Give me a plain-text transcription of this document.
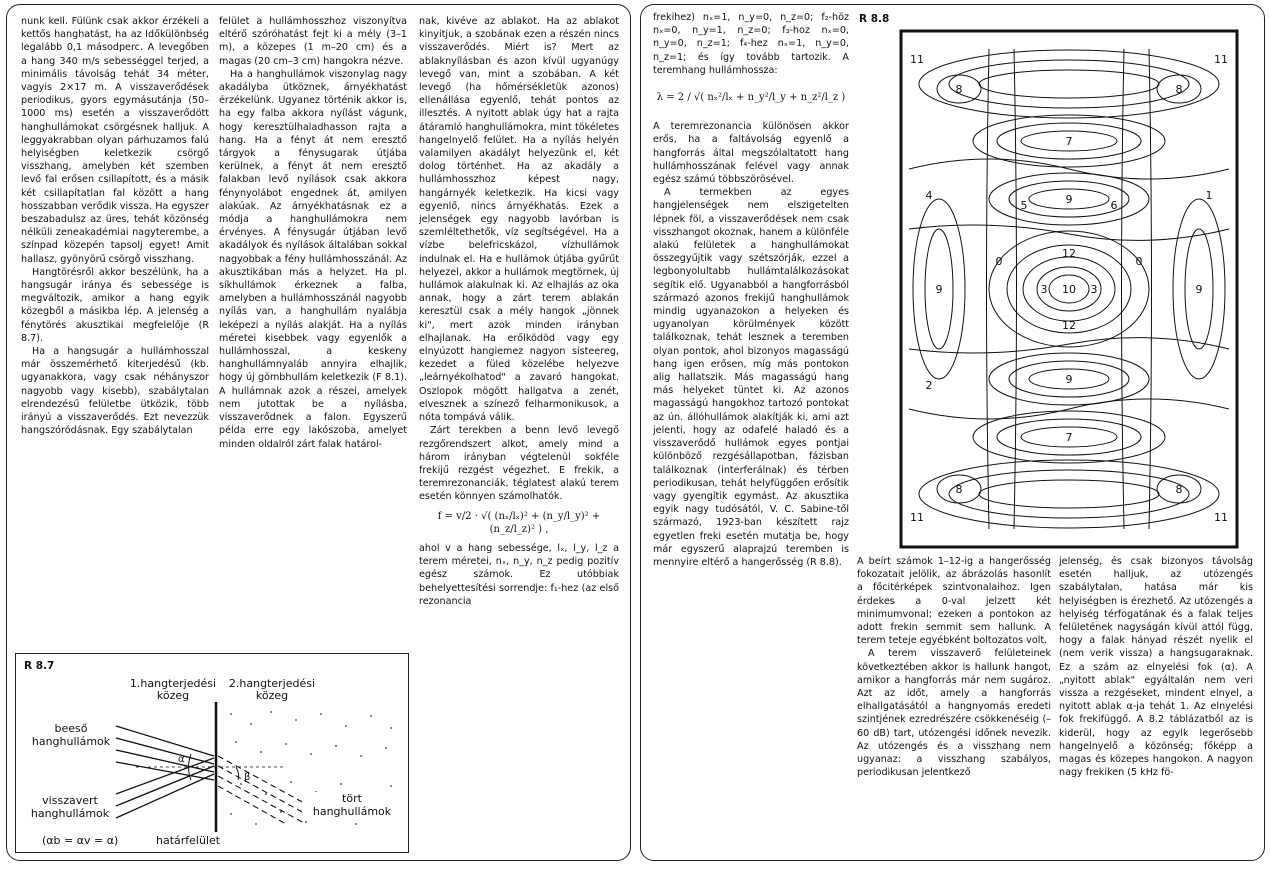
nunk kell. Fülünk csak akkor érzékeli a kettős hanghatást, ha az Időkülönbség legalább 0,1 másodperc. A levegőben a hang 340 m/s sebességgel terjed, a minimális távolság tehát 34 méter, vagyis 2×17 m. A visszaverődések periodikus, gyors egymásutánja (50–1000 ms) esetén a visszaverődött hanghullámokat csörgésnek halljuk. A leggyakrabban olyan párhuzamos falú helyiségben keletkezik csörgő visszhang, amelyben két szemben levő fal erősen csillapított, és a másik két csillapítatlan fal között a hang hosszabban verődik vissza. Ha egyszer beszabadulsz az üres, tehát közönség nélküli zeneakadémiai nagyterembe, a színpad közepén tapsolj egyet! Amit hallasz, gyönyörű csörgő visszhang.

Hangtörésről akkor beszélünk, ha a hangsugár iránya és sebessége is megváltozik, amikor a hang egyik közegből a másikba lép. A jelenség a fénytörés akusztikai megfelelője (R 8.7).

Ha a hangsugár a hullámhosszal már összemérhető kiterjedésű (kb. ugyanakkora, vagy csak néhányszor nagyobb vagy kisebb), szabálytalan elrendezésű felületbe ütközik, több irányú a visszaverődés. Ezt nevezzük hangszóródásnak. Egy szabálytalan

felület a hullámhosszhoz viszonyítva eltérő szóróhatást fejt ki a mély (3–1 m), a közepes (1 m–20 cm) és a magas (20 cm–3 cm) hangokra nézve.

Ha a hanghullámok viszonylag nagy akadályba ütköznek, árnyékhatást érzékelünk. Ugyanez történik akkor is, ha egy falba akkora nyílást vágunk, hogy keresztülhaladhasson rajta a hang. Ha a fényt át nem eresztő tárgyok a fénysugarak útjába kerülnek, a fényt át nem eresztő falakban levő nyílások csak akkora fénynyolábot engednek át, amilyen alakúak. Az árnyékhatásnak ez a módja a hanghullámokra nem érvényes. A fénysugár útjában levő akadályok és nyílások általában sokkal nagyobbak a fény hullámhosszánál. Az akusztikában más a helyzet. Ha pl. síkhullámok érkeznek a falba, amelyben a hullámhosszánál nagyobb nyílás van, a hanghullám nyalábja leképezi a nyílás alakját. Ha a nyílás méretei kisebbek vagy egyenlők a hullámhosszal, a keskeny hanghullámnyaláb annyira elhajlik, hogy új gömbhullám keletkezik (F 8.1). A hullámnak azok a részei, amelyek nem jutottak be a nyílásba, visszaverődnek a falon. Egyszerű példa erre egy lakószoba, amelyet minden oldalról zárt falak határol-

nak, kivéve az ablakot. Ha az ablakot kinyitjuk, a szobának ezen a részén nincs visszaverődés. Miért is? Mert az ablaknyílásban és azon kívül ugyanúgy levegő van, mint a szobában. A két levegő (ha hőmérsékletük azonos) ellenállása egyenlő, tehát pontos az illesztés. A nyitott ablak úgy hat a rajta átáramló hanghullámokra, mint tökéletes hangelnyelő felület. Ha a nyílás helyén valamilyen akadályt helyezünk el, két dolog történhet. Ha az akadály a hullámhosszhoz képest nagy, hangárnyék keletkezik. Ha kicsi vagy egyenlő, nincs árnyékhatás. Ezek a jelenségek egy nagyobb lavórban is szemléltethetők, víz segítségével. Ha a vízbe belefricskázol, vízhullámok indulnak el. Ha e hullámok útjába gyűrűt helyezel, akkor a hullámok megtörnek, új hullámok alakulnak ki. Az elhajlás az oka annak, hogy a zárt terem ablakán keresztül csak a mély hangok „jönnek ki", mert azok minden irányban elhajlanak. Ha erőlködöd vagy egy elnyúzott hangiemez nagyon sisteereg, kezedet a füled közelébe helyezve „leárnyékolhatod" a zavaró hangokat. Oszlopok mögött hallgatva a zenét, elvesznek a színező felharmonikusok, a nóta tompává válik.

Zárt terekben a benn levő levegő rezgőrendszert alkot, amely mind a három irányban végtelenül sokféle frekijű rezgést végezhet. E frekik, a teremrezonanciák, téglatest alakú terem esetén könnyen számolhatók.

f = v/2 · √( (nₓ/lₓ)² + (n_y/l_y)² + (n_z/l_z)² ) ,

ahol v a hang sebessége, lₓ, l_y, l_z a terem méretei, nₓ, n_y, n_z pedig pozitív egész számok. Ez utóbbiak behelyettesítési sorrendje: f₁-hez (az első rezonancia

R 8.7
1.hangterjedési közeg
2.hangterjedési közeg
beeső hanghullámok
visszavert hanghullámok
tört hanghullámok
(αb = αv = α)	határfelület
β
α

frekihez) nₓ=1, n_y=0, n_z=0; f₂-höz nₓ=0, n_y=1, n_z=0; f₃-hoz nₓ=0, n_y=0, n_z=1; f₄-hez nₓ=1, n_y=0, n_z=1; és így tovább tartozik. A teremhang hullámhossza:

λ = 2 / √( nₓ²/lₓ + n_y²/l_y + n_z²/l_z )

A teremrezonancia különösen akkor erős, ha a faltávolság egyenlő a hangforrás által megszólaltatott hang hullámhosszának felével vagy annak egész számú többszörösével.

A termekben az egyes hangjelenségek nem elszigetelten lépnek föl, a visszaverődések nem csak visszhangot okoznak, hanem a különféle alakú felületek a hanghullámokat összegyűjtik vagy szétszórják, ezzel a legbonyolultabb hullámtalálkozásokat segítik elő. Ugyanabból a hangforrásból származó azonos frekijű hanghullámok mindig ugyanazokon a helyeken és ugyanolyan körülmények között találkoznak, tehát lesznek a teremben olyan pontok, ahol bizonyos magasságú hang igen erősen, míg más pontokon alig hallatszik. Más magasságú hang más helyeket tüntet ki. Az azonos magasságú hangokhoz tartozó pontokat az ún. állóhullámok alakítják ki, ami azt jelenti, hogy az odafelé haladó és a visszaverődő hullámok egyes pontjai különböző rezgésállapotban, fázisban találkoznak (interferálnak) és térben periodikusan, tehát helyfüggően erősítik vagy gyengítik egymást. Az akusztika egyik nagy tudósától, V. C. Sabine-től származó, 1923-ban készített rajz egyetlen freki esetén mutatja be, hogy már egyszerű alaprajzú teremben is mennyire eltérő a hangerősség (R 8.8).

R 8.8
10
3	3
12
12
9
9
7
7
8	8
8	8
11	11
11	11
9	9
0	0
5	6
4
2
1

A beírt számok 1–12-ig a hangerősség fokozatait jelölik, az ábrázolás hasonlít a főcitérképek szintvonalaihoz. Igen érdekes a 0-val jelzett két minimumvonal; ezeken a pontokon az adott frekin semmit sem hallunk. A terem teteje egyébként boltozatos volt.

A terem visszaverő felületeinek következtében akkor is hallunk hangot, amikor a hangforrás már nem sugároz. Azt az időt, amely a hangforrás elhallgatásától a hangnyomás eredeti szintjének ezredrészére csökkenéséig (–60 dB) tart, utózengési időnek nevezik. Az utózengés és a visszhang nem ugyanaz: a visszhang szabályos, periodikusan jelentkező

jelenség, és csak bizonyos távolság esetén halljuk, az utózengés szabálytalan, hatása már kis helyiségben is érezhető. Az utózengés a helyiség térfogatának és a falak teljes felületének nagyságán kívül attól függ, hogy a falak hányad részét nyelik el (nem verik vissza) a hangsugaraknak. Ez a szám az elnyelési fok (α). A „nyitott ablak" egyáltalán nem veri vissza a rezgéseket, mindent elnyel, a nyitott ablak α-ja tehát 1. Az elnyelési fok frekifüggő. A 8.2 táblázatból az is kiderül, hogy az egylk legerősebb hangelnyelő a közönség; főképp a magas és közepes hangokon. A nagyon nagy frekiken (5 kHz fö-
